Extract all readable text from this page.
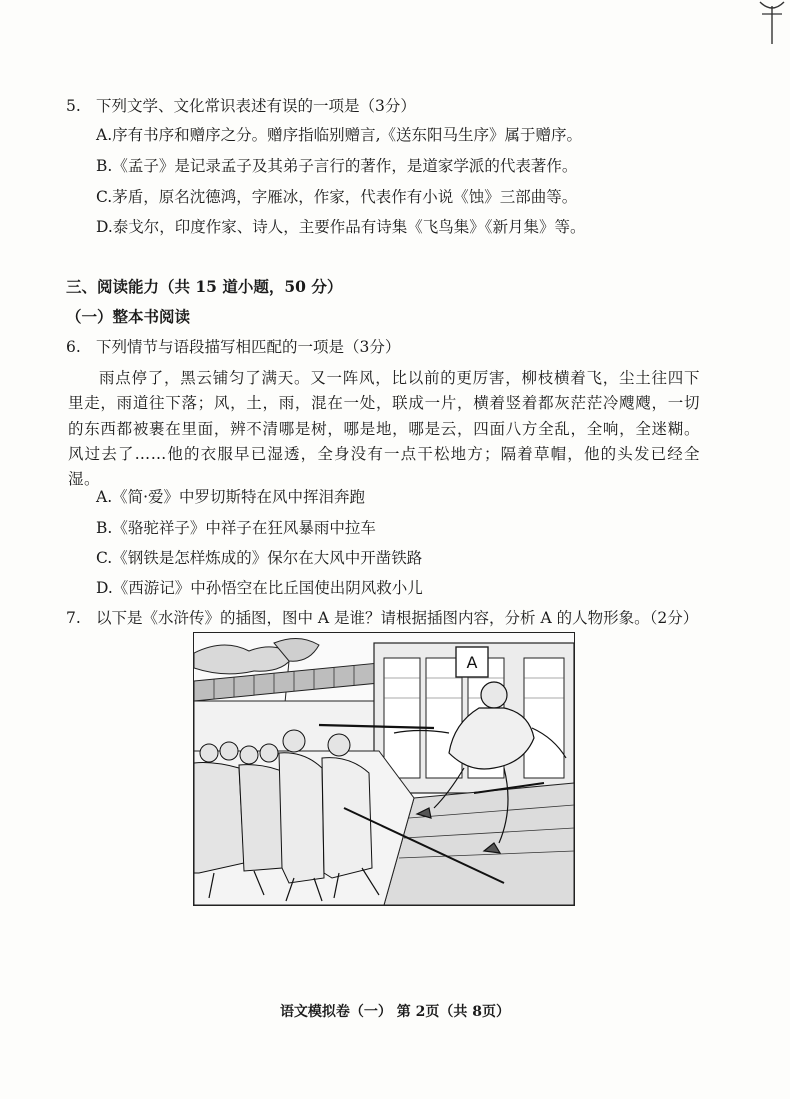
5. 下列文学、文化常识表述有误的一项是（3分）
A.序有书序和赠序之分。赠序指临别赠言,《送东阳马生序》属于赠序。
B.《孟子》是记录孟子及其弟子言行的著作，是道家学派的代表著作。
C.茅盾，原名沈德鸿，字雁冰，作家，代表作有小说《蚀》三部曲等。
D.泰戈尔，印度作家、诗人，主要作品有诗集《飞鸟集》《新月集》等。
三、阅读能力（共 15 道小题，50 分）
（一）整本书阅读
6. 下列情节与语段描写相匹配的一项是（3分）
雨点停了，黑云铺匀了满天。又一阵风，比以前的更厉害，柳枝横着飞，尘土往四下里走，雨道往下落；风，土，雨，混在一处，联成一片，横着竖着都灰茫茫冷飕飕，一切的东西都被裹在里面，辨不清哪是树，哪是地，哪是云，四面八方全乱，全响，全迷糊。风过去了……他的衣服早已湿透，全身没有一点干松地方；隔着草帽，他的头发已经全湿。
A.《简·爱》中罗切斯特在风中挥泪奔跑
B.《骆驼祥子》中祥子在狂风暴雨中拉车
C.《钢铁是怎样炼成的》保尔在大风中开凿铁路
D.《西游记》中孙悟空在比丘国使出阴风救小儿
7. 以下是《水浒传》的插图，图中 A 是谁？请根据插图内容，分析 A 的人物形象。（2分）
A
语文模拟卷（一） 第 2页（共 8页）
